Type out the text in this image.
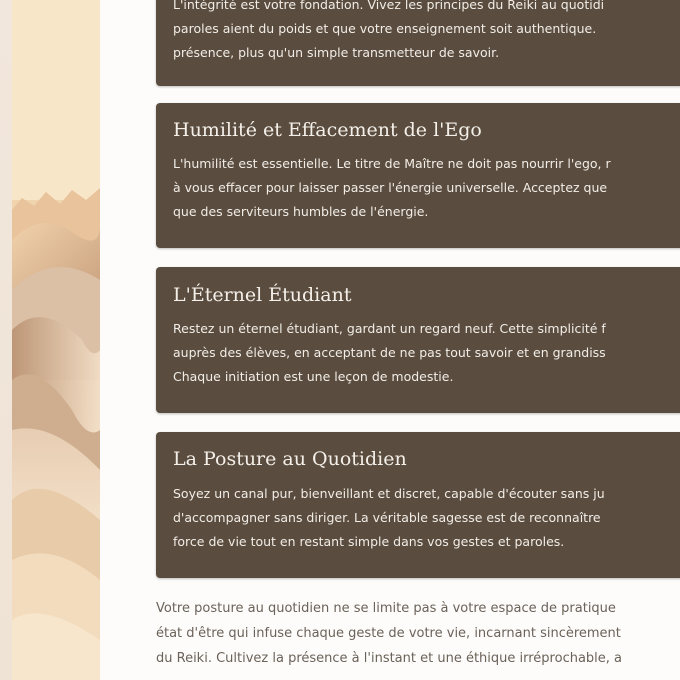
L'intégrité est votre fondation. Vivez les principes du Reiki au quotidi

paroles aient du poids et que votre enseignement soit authentique.

présence, plus qu'un simple transmetteur de savoir.

Humilité et Effacement de l'Ego

L'humilité est essentielle. Le titre de Maître ne doit pas nourrir l'ego, r

à vous effacer pour laisser passer l'énergie universelle. Acceptez que

que des serviteurs humbles de l'énergie.

L'Éternel Étudiant

Restez un éternel étudiant, gardant un regard neuf. Cette simplicité f

auprès des élèves, en acceptant de ne pas tout savoir et en grandiss

Chaque initiation est une leçon de modestie.

La Posture au Quotidien

Soyez un canal pur, bienveillant et discret, capable d'écouter sans ju

d'accompagner sans diriger. La véritable sagesse est de reconnaître

force de vie tout en restant simple dans vos gestes et paroles.

Votre posture au quotidien ne se limite pas à votre espace de pratique
état d'être qui infuse chaque geste de votre vie, incarnant sincèrement
du Reiki. Cultivez la présence à l'instant et une éthique irréprochable, a
